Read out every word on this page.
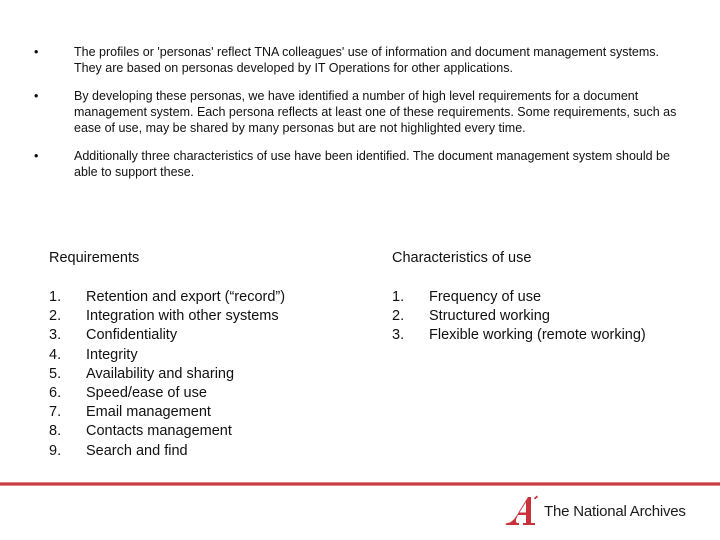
•	The profiles or 'personas' reflect TNA colleagues' use of information and document management systems. They are based on personas developed by IT Operations for other applications.
•	By developing these personas, we have identified a number of high level requirements for a document management system. Each persona reflects at least one of these requirements. Some requirements, such as ease of use, may be shared by many personas but are not highlighted every time.
•	Additionally three characteristics of use have been identified. The document management system should be able to support these.
Requirements
1.	Retention and export (“record”)
2.	Integration with other systems
3.	Confidentiality
4.	Integrity
5.	Availability and sharing
6.	Speed/ease of use
7.	Email management
8.	Contacts management
9.	Search and find
Characteristics of use
1.	Frequency of use
2.	Structured working
3.	Flexible working (remote working)
The National Archives
